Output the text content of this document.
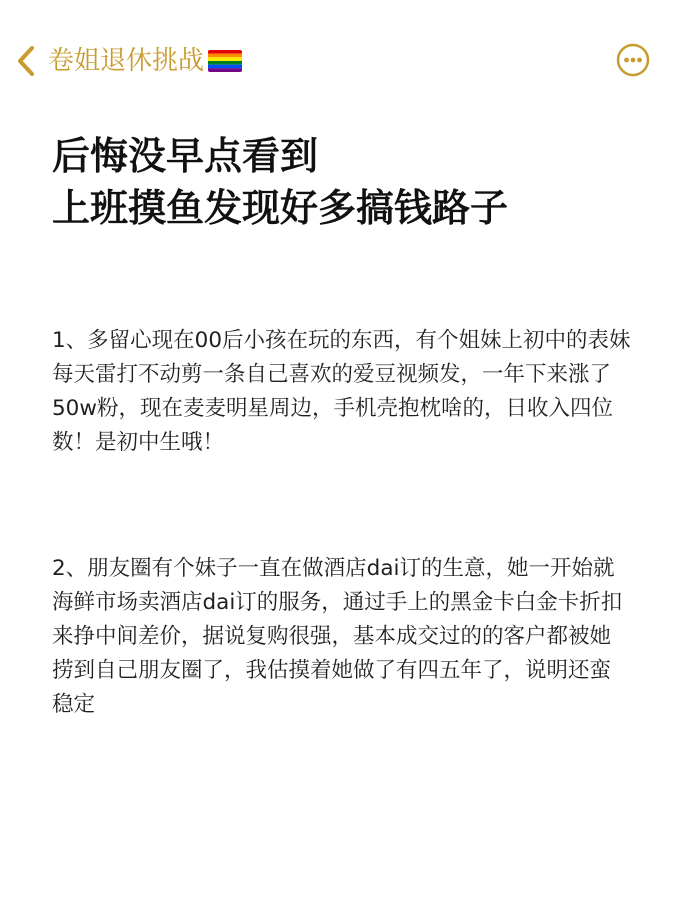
卷姐退休挑战
后悔没早点看到
上班摸鱼发现好多搞钱路子
1、多留心现在00后小孩在玩的东西，有个姐妹上初中的表妹每天雷打不动剪一条自己喜欢的爱豆视频发，一年下来涨了50w粉，现在麦麦明星周边，手机壳抱枕啥的，日收入四位数！是初中生哦！
2、朋友圈有个妹子一直在做酒店dai订的生意，她一开始就海鲜市场卖酒店dai订的服务，通过手上的黑金卡白金卡折扣来挣中间差价，据说复购很强，基本成交过的的客户都被她捞到自己朋友圈了，我估摸着她做了有四五年了，说明还蛮稳定
